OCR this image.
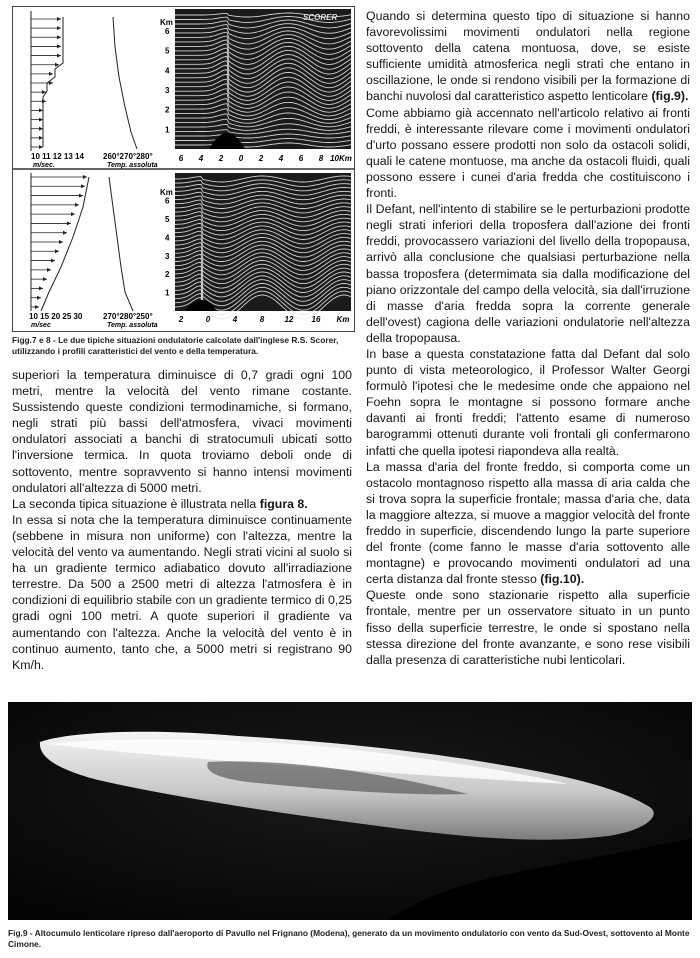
10 11 12 13 14
m/sec.
260°270°280°
Temp. assoluta
SCORER
Km
1
2
3
4
5
6
6 4 2 0 2 4 6 8 10Km
10 15 20 25 30
m/sec
270°280°250°
Temp. assoluta
Km
1
2
3
4
5
6
2	0	4	8	12 16 Km
Figg.7 e 8 - Le due tipiche situazioni ondulatorie calcolate dall'inglese R.S. Scorer, utilizzando i profili caratteristici del vento e della temperatura.

superiori la temperatura diminuisce di 0,7 gradi ogni 100 metri, mentre la velocità del vento rimane costante. Sussistendo queste condizioni termodinamiche, si formano, negli strati più bassi dell'atmosfera, vivaci movimenti ondulatori associati a banchi di stratocumuli ubicati sotto l'inversione termica. In quota troviamo deboli onde di sottovento, mentre sopravvento si hanno intensi movimenti ondulatori all'altezza di 5000 metri.

La seconda tipica situazione è illustrata nella figura 8.

In essa si nota che la temperatura diminuisce continuamente (sebbene in misura non uniforme) con l'altezza, mentre la velocità del vento va aumentando. Negli strati vicini al suolo si ha un gradiente termico adiabatico dovuto all'irradiazione terrestre. Da 500 a 2500 metri di altezza l'atmosfera è in condizioni di equilibrio stabile con un gradiente termico di 0,25 gradi ogni 100 metri. A quote superiori il gradiente va aumentando con l'altezza. Anche la velocità del vento è in continuo aumento, tanto che, a 5000 metri si registrano 90 Km/h.

Quando si determina questo tipo di situazione si hanno favorevolissimi movimenti ondulatori nella regione sottovento della catena montuosa, dove, se esiste sufficiente umidità atmosferica negli strati che entano in oscillazione, le onde si rendono visibili per la formazione di banchi nuvolosi dal caratteristico aspetto lenticolare (fig.9).

Come abbiamo già accennato nell'articolo relativo ai fronti freddi, è interessante rilevare come i movimenti ondulatori d'urto possano essere prodotti non solo da ostacoli solidi, quali le catene montuose, ma anche da ostacoli fluidi, quali possono essere i cunei d'aria fredda che costituiscono i fronti.

Il Defant, nell'intento di stabilire se le perturbazioni prodotte negli strati inferiori della troposfera dall'azione dei fronti freddi, provocassero variazioni del livello della tropopausa, arrivò alla conclusione che qualsiasi perturbazione nella bassa troposfera (determimata sia dalla modificazione del piano orizzontale del campo della velocità, sia dall'irruzione di masse d'aria fredda sopra la corrente generale dell'ovest) cagiona delle variazioni ondulatorie nell'altezza della tropopausa.

In base a questa constatazione fatta dal Defant dal solo punto di vista meteorologico, il Professor Walter Georgi formulò l'ipotesi che le medesime onde che appaiono nel Foehn sopra le montagne si possono formare anche davanti ai fronti freddi; l'attento esame di numeroso barogrammi ottenuti durante voli frontali gli confermarono infatti che quella ipotesi riapondeva alla realtà.

La massa d'aria del fronte freddo, si comporta come un ostacolo montagnoso rispetto alla massa di aria calda che si trova sopra la superficie frontale; massa d'aria che, data la maggiore altezza, si muove a maggior velocità del fronte freddo in superficie, discendendo lungo la parte superiore del fronte (come fanno le masse d'aria sottovento alle montagne) e provocando movimenti ondulatori ad una certa distanza dal fronte stesso (fig.10).

Queste onde sono stazionarie rispetto alla superficie frontale, mentre per un osservatore situato in un punto fisso della superficie terrestre, le onde si spostano nella stessa direzione del fronte avanzante, e sono rese visibili dalla presenza di caratteristiche nubi lenticolari.

Fig.9 - Altocumulo lenticolare ripreso dall'aeroporto di Pavullo nel Frignano (Modena), generato da un movimento ondulatorio con vento da Sud-Ovest, sottovento al Monte Cimone.
